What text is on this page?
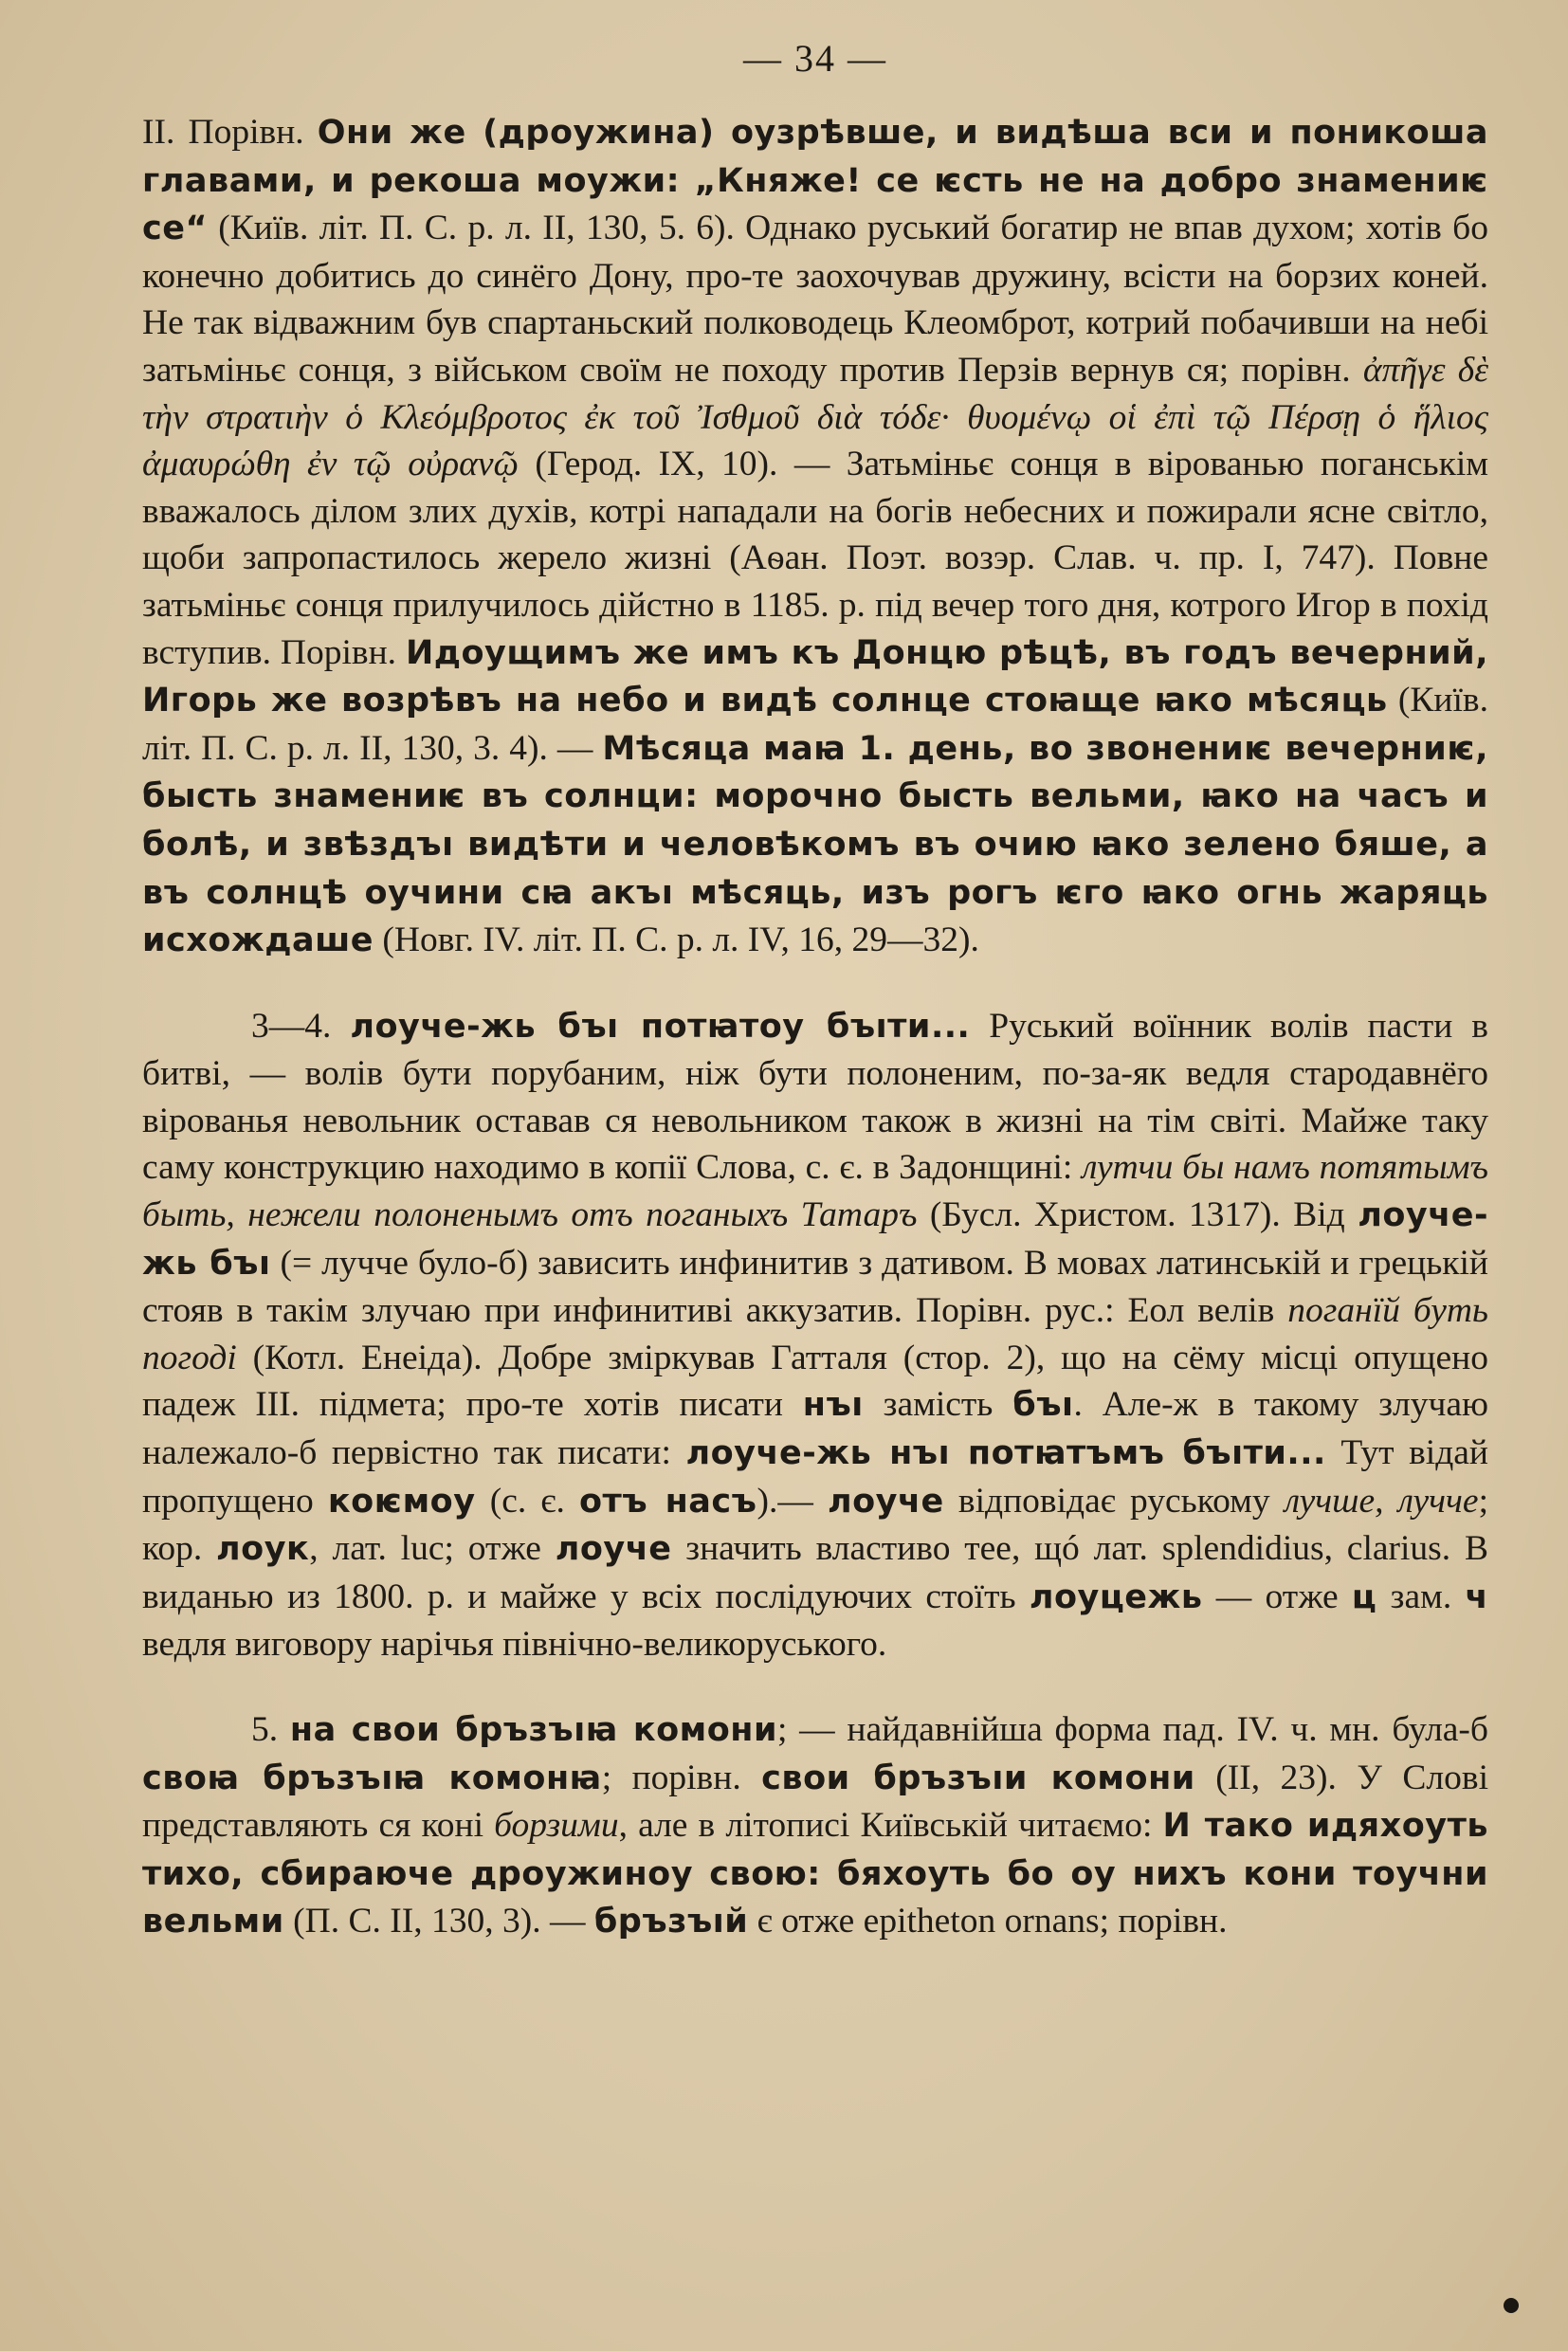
— 34 —

II. Порівн. Они же (дроужина) оузрѣвше, и видѣша вси и поникоша главами, и рекоша моужи: „Княже! се ѥсть не на добро знамениѥ се“ (Київ. літ. П. С. р. л. II, 130, 5. 6). Однако руський богатир не впав духом; хотів бо конечно добитись до синёго Дону, про-те заохочував дружину, всісти на борзих коней. Не так відважним був спартаньский полководець Клеомброт, котрий побачивши на небі затьміньє сонця, з військом своїм не походу против Перзів вернув ся; порівн. ἀπῆγε δὲ τὴν στρατιὴν ὁ Κλεόμβροτος ἐκ τοῦ Ἰσθμοῦ διὰ τόδε· θυομένῳ οἱ ἐπὶ τῷ Πέρσῃ ὁ ἥλιος ἀμαυρώθη ἐν τῷ οὐρανῷ (Герод. IX, 10). — Затьміньє сонця в вірованью поганськім вважалось ділом злих духів, котрі нападали на богів небесних и пожирали ясне світло, щоби запропастилось жерело жизні (Аѳан. Поэт. возэр. Слав. ч. пр. I, 747). Повне затьміньє сонця прилучилось дійстно в 1185. р. під вечер того дня, котрого Игор в похід вступив. Порівн. Идоущимъ же имъ къ Донцю рѣцѣ, въ годъ вечерний, Игорь же возрѣвъ на небо и видѣ солнце стоꙗще ꙗко мѣсяць (Київ. літ. П. С. р. л. II, 130, 3. 4). — Мѣсяца маꙗ 1. день, во звонениѥ вечерниѥ, бысть знамениѥ въ солнци: морочно бысть вельми, ꙗко на часъ и болѣ, и звѣздъı видѣти и человѣкомъ въ очию ꙗко зелено бяше, а въ солнцѣ оучини сꙗ акъı мѣсяць, изъ рогъ ѥго ꙗко огнь жаряць исхождаше (Новг. IV. літ. П. С. р. л. IV, 16, 29—32).

3—4. лоуче-жь бъı потꙗтоу бъıти... Руський воїнник волів пасти в битві, — волів бути порубаним, ніж бути полоненим, по-за-як ведля стародавнёго вірованья невольник оставав ся невольником також в жизні на тім світі. Майже таку саму конструкцию находимо в копії Слова, с. є. в Задонщині: лутчи бы намъ потятымъ быть, нежели полоненымъ отъ поганыхъ Татаръ (Бусл. Христом. 1317). Від лоуче-жь бъı (= лучче було-б) зависить инфинитив з дативом. В мовах латинській и грецькій стояв в такім злучаю при инфинитиві аккузатив. Порівн. рус.: Еол велів поганїй буть погоді (Котл. Енеіда). Добре зміркував Гатталя (стор. 2), що на сёму місці опущено падеж III. підмета; про-те хотів писати нъı замість бъı. Але-ж в такому злучаю належало-б первістно так писати: лоуче-жь нъı потꙗтъмъ бъıти... Тут відай пропущено коѥмоу (с. є. отъ насъ).— лоуче відповідає руському лучше, лучче; кор. лоук, лат. luc; отже лоуче значить властиво тее, щó лат. splendidius, clarius. В виданью из 1800. р. и майже у всіх послідуючих стоїть лоуцежь — отже ц зам. ч ведля виговору нарічья північно-великоруського.

5. на свои бръзъıꙗ комони; — найдавнійша форма пад. IV. ч. мн. була-б своꙗ бръзъıꙗ комонꙗ; порівн. свои бръзъıи комони (II, 23). У Слові представляють ся коні борзими, але в літописі Київській читаємо: И тако идяхоуть тихо, сбираюче дроужиноу свою: бяхоуть бо оу нихъ кони тоучни вельми (П. С. II, 130, 3). — бръзъıй є отже epitheton ornans; порівн.
